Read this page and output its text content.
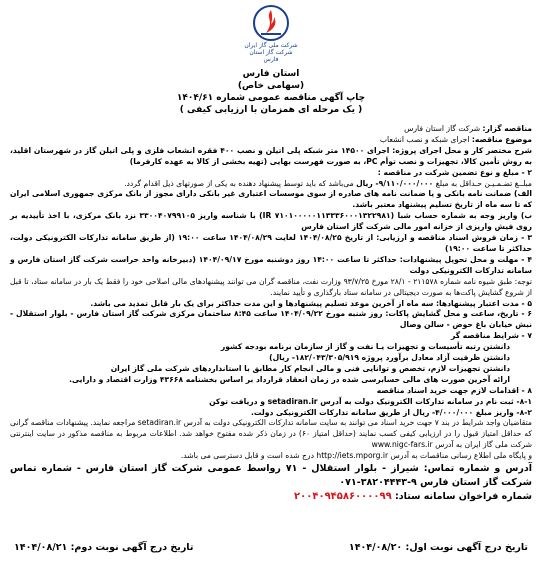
شرکت ملی گاز ایران
شرکت گاز استان فارس
استان فارس
(سهامی خاص)
چاپ آگهی مناقصه عمومی شماره ۱۴۰۴/۶۱
( یک مرحله ای همزمان با ارزیابی کیفی )

مناقصه گزار: شرکت گاز استان فارس

موضوع مناقصه: اجرای شبکه و نصب انشعاب

شرح مختصر کار و محل اجرای پروژه: اجرای ۱۴۵۰۰ متر شبکه پلی اتیلن و نصب ۴۰۰ فقره انشعاب فلزی و پلی اتیلن گاز در شهرستان اقلید، به روش تأمین کالا، تجهیزات و نصب توأم PC، به صورت فهرست بهایی (تهیه بخشی از کالا به عهده کارفرما)

۲ - مبلغ و نوع تضمین شرکت در مناقصه :

مبلــغ تضـمـیـن حـداقل به مبلغ ۹/۱۱۰/۰۰۰/۰۰۰- ریال می‌باشد که باید توسط پیشنهاد دهنده به یکی از صورتهای ذیل اقدام گردد.

الف) ضمانت نامه بانکی و یا ضمانت نامه های صادره از سوی موسسات اعتباری غیر بانکی دارای مجوز از بانک مرکزی جمهوری اسلامی ایران که تا سه ماه از تاریخ تسلیم پیشنهاد معتبر باشد.

ب) واریز وجه به شماره حساب شبا (IR ۷۱۰۱۰۰۰۰۰۱۱۳۳۳۶۰۰۰۱۳۲۲۹۸۱) با شناسه واریز ۳۳۰۰۴۰۷۹۹۱۰۵ نزد بانک مرکزی، با اخذ تأییدیه بر روی فیش واریزی از خزانه امور مالی شرکت گاز استان فارس

۳ - زمان فروش اسناد مناقصه و ارزیابی: از تاریخ ۱۴۰۴/۰۸/۲۵ لغایت ۱۴۰۴/۰۸/۲۹ ساعت ۱۹:۰۰ (از طریق سامانه تدارکات الکترونیکی دولت، حداکثر تا ساعت ۱۹:۰۰)

۴ - مهلت و محل تحویل پیشنهادات: حداکثر تا ساعت ۱۴:۰۰ روز دوشنبه مورخ ۱۴۰۴/۰۹/۱۷ (دبیرخانه واحد حراست شرکت گاز استان فارس و سامانه تدارکات الکترونیکی دولت

توجه: طبق شیوه نامه شماره ۲۱۱۵۷۸ - ۲۸/۱ مورخ ۹۳/۷/۲۵ وزارت نفت، مناقصه گران می توانند پیشنهادهای مالی اصلاحی خود را فقط یک بار در سامانه ستاد، تا قبل از شروع گشایش پاکت‌ها به صورت دیجیتالی در سامانه ستاد بارگذاری و تأیید نمایند.

۵ - مدت اعتبار پیشنهادها: سه ماه از آخرین موعد تسلیم پیشنهادها و این مدت حداکثر برای یک بار قابل تمدید می باشد.

۶ - تاریخ، ساعت و محل گشایش پاکات: روز شنبه مورخ ۱۴۰۴/۰۹/۲۲ ساعت ۸:۴۵ ساختمان مرکزی شرکت گاز استان فارس - بلوار استقلال - نبش خیابان باغ حوض - سالن وصال

۷ - شرایط مناقصه گر

دانشتن رتبه تأسیسات و تجهیزات یـا نفت و گاز از سازمان برنامه بودجه کشور

دانشتن ظرفیت آزاد معادل برآورد پروژه ۱۸۲/۰۴۳/۳۰۵/۹۱۹- ریال)

دانشتن تجهیزات لازم، تخصص و توانایی فنی و مالی انجام کار مطابق با استانداردهای شرکت ملی گاز ایران

ارائه آخرین صورت های مالی حسابرسی شده در زمان انعقاد قرارداد بر اساس بخشنامه ۴۳۶۶۸ وزارت اقتصاد و دارایی.

۸ - اقدامات لازم جهت خرید اسناد مناقصه

۸-۱- ثبت نام در سامانه تدارکات الکترونیک دولت به آدرس setadiran.ir و دریافت توکن

۸-۲- واریز مبلغ ۴/۰۰۰/۰۰۰- ریال از طریق سامانه تدارکات الکترونیکی دولت.

متقاضیان واجد شرایط در بند ۷ جهت خرید اسناد می توانند به سایت سامانه تدارکات الکترونیکی دولت به آدرس setadiran.ir مراجعه نمایند. پیشنهادات مناقصه گرانی که حداقل امتیاز قبول را در ارزیابی کیفی کسب نمایند (حداقل امتیاز ۶۰) در زمان ذکر شده مفتوح خواهد شد. اطلاعات مربوط به مناقصه مذکور در سایت اینترنتی شرکت ملی گاز ایران به آدرس www.nigc-fars.ir

و پایگاه ملی اطلاع رسانی مناقصات به آدرس http://iets.mporg.ir درج شده است و قابل دسترسی می باشد.

آدرس و شماره تماس: شیراز - بلوار استقلال - ۷۱ رواسط عمومی شرکت گاز استان فارس - شماره تماس شرکت گاز استان فارس ۹-۳۸۲۰۴۴۴۳-۰۷۱

شماره فراخوان سامانه ستاد: ۲۰۰۴۰۹۴۵۸۶۰۰۰۰۹۹

تاریخ درج آگهی نوبت اول: ۱۴۰۴/۰۸/۲۰
تاریخ درج آگهی نوبت دوم: ۱۴۰۴/۰۸/۲۱
